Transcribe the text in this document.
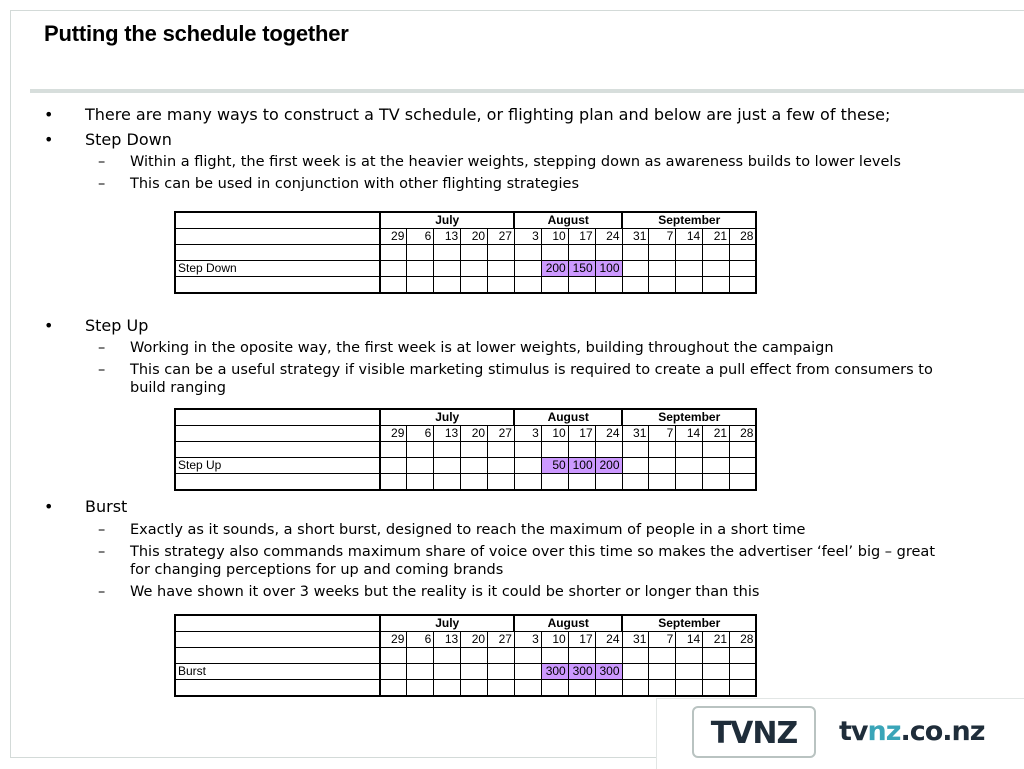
Putting the schedule together
• There are many ways to construct a TV schedule, or flighting plan and below are just a few of these;
• Step Down
– Within a flight, the first week is at the heavier weights, stepping down as awareness builds to lower levels
– This can be used in conjunction with other flighting strategies
	July					August				September				
	29	6	13	20	27	3	10	17	24	31	7	14	21	28

Step Down							200	150	100					

• Step Up
– Working in the oposite way, the first week is at lower weights, building throughout the campaign
– This can be a useful strategy if visible marketing stimulus is required to create a pull effect from consumers to build ranging
	July					August				September				
	29	6	13	20	27	3	10	17	24	31	7	14	21	28

Step Up							50	100	200					

• Burst
– Exactly as it sounds, a short burst, designed to reach the maximum of people in a short time
– This strategy also commands maximum share of voice over this time so makes the advertiser ‘feel’ big – great for changing perceptions for up and coming brands
– We have shown it over 3 weeks but the reality is it could be shorter or longer than this
	July					August				September				
	29	6	13	20	27	3	10	17	24	31	7	14	21	28

Burst							300	300	300					

TVNZ tvnz.co.nz
